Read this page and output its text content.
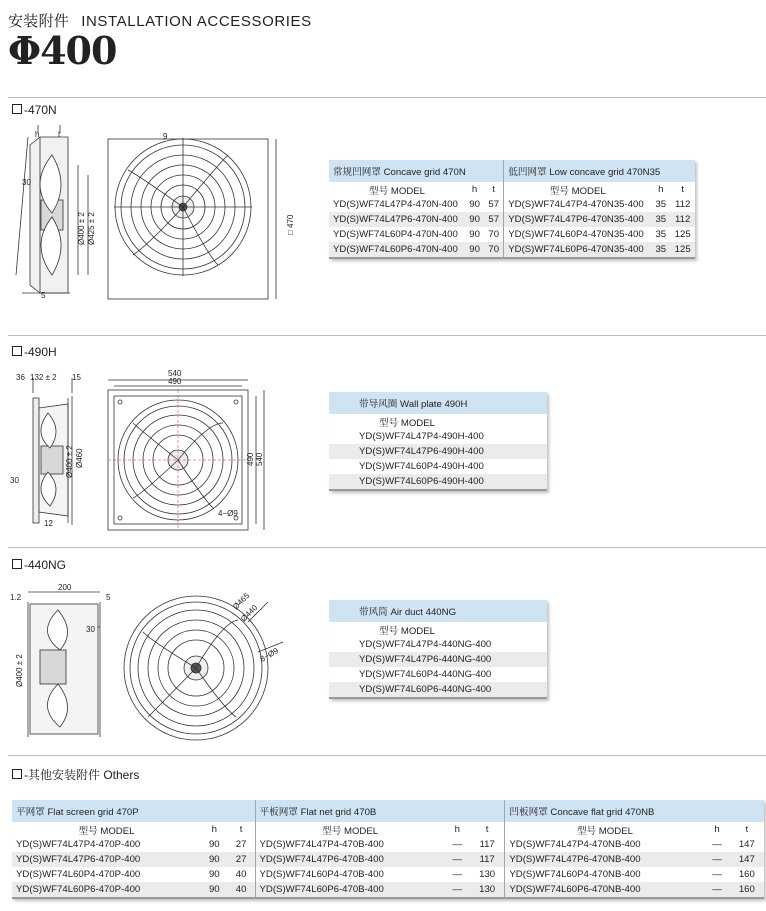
安装附件 INSTALLATION ACCESSORIES
Φ400
-470N
h t	9
30
Ø400 ± 2 Ø425 ± 2
5
□ 470
常规凹网罩 Concave grid 470N			低凹网罩 Low concave grid 470N35		
型号 MODEL	h	t	型号 MODEL	h	t
YD(S)WF74L47P4-470N-400	90	57	YD(S)WF74L47P4-470N35-400	35	112
YD(S)WF74L47P6-470N-400	90	57	YD(S)WF74L47P6-470N35-400	35	112
YD(S)WF74L60P4-470N-400	90	70	YD(S)WF74L60P4-470N35-400	35	125
YD(S)WF74L60P6-470N-400	90	70	YD(S)WF74L60P6-470N35-400	35	125
-490H
36 132 ± 2 15	540
490
Ø400 ± 2 Ø460
30
12
490 540
4−Ø9
带导风圈 Wall plate 490H
型号 MODEL
YD(S)WF74L47P4-490H-400
YD(S)WF74L47P6-490H-400
YD(S)WF74L60P4-490H-400
YD(S)WF74L60P6-490H-400
-440NG
200
1.2	5
30
Ø400 ± 2
Ø465
Ø440
8−Ø9
带风筒 Air duct 440NG
型号 MODEL
YD(S)WF74L47P4-440NG-400
YD(S)WF74L47P6-440NG-400
YD(S)WF74L60P4-440NG-400
YD(S)WF74L60P6-440NG-400
-其他安装附件 Others
平网罩 Flat screen grid 470P			平板网罩 Flat net grid 470B			凹板网罩 Concave flat grid 470NB		
型号 MODEL	h	t	型号 MODEL	h	t	型号 MODEL	h	t
YD(S)WF74L47P4-470P-400	90	27	YD(S)WF74L47P4-470B-400	—	117	YD(S)WF74L47P4-470NB-400	—	147
YD(S)WF74L47P6-470P-400	90	27	YD(S)WF74L47P6-470B-400	—	117	YD(S)WF74L47P6-470NB-400	—	147
YD(S)WF74L60P4-470P-400	90	40	YD(S)WF74L60P4-470B-400	—	130	YD(S)WF74L60P4-470NB-400	—	160
YD(S)WF74L60P6-470P-400	90	40	YD(S)WF74L60P6-470B-400	—	130	YD(S)WF74L60P6-470NB-400	—	160
